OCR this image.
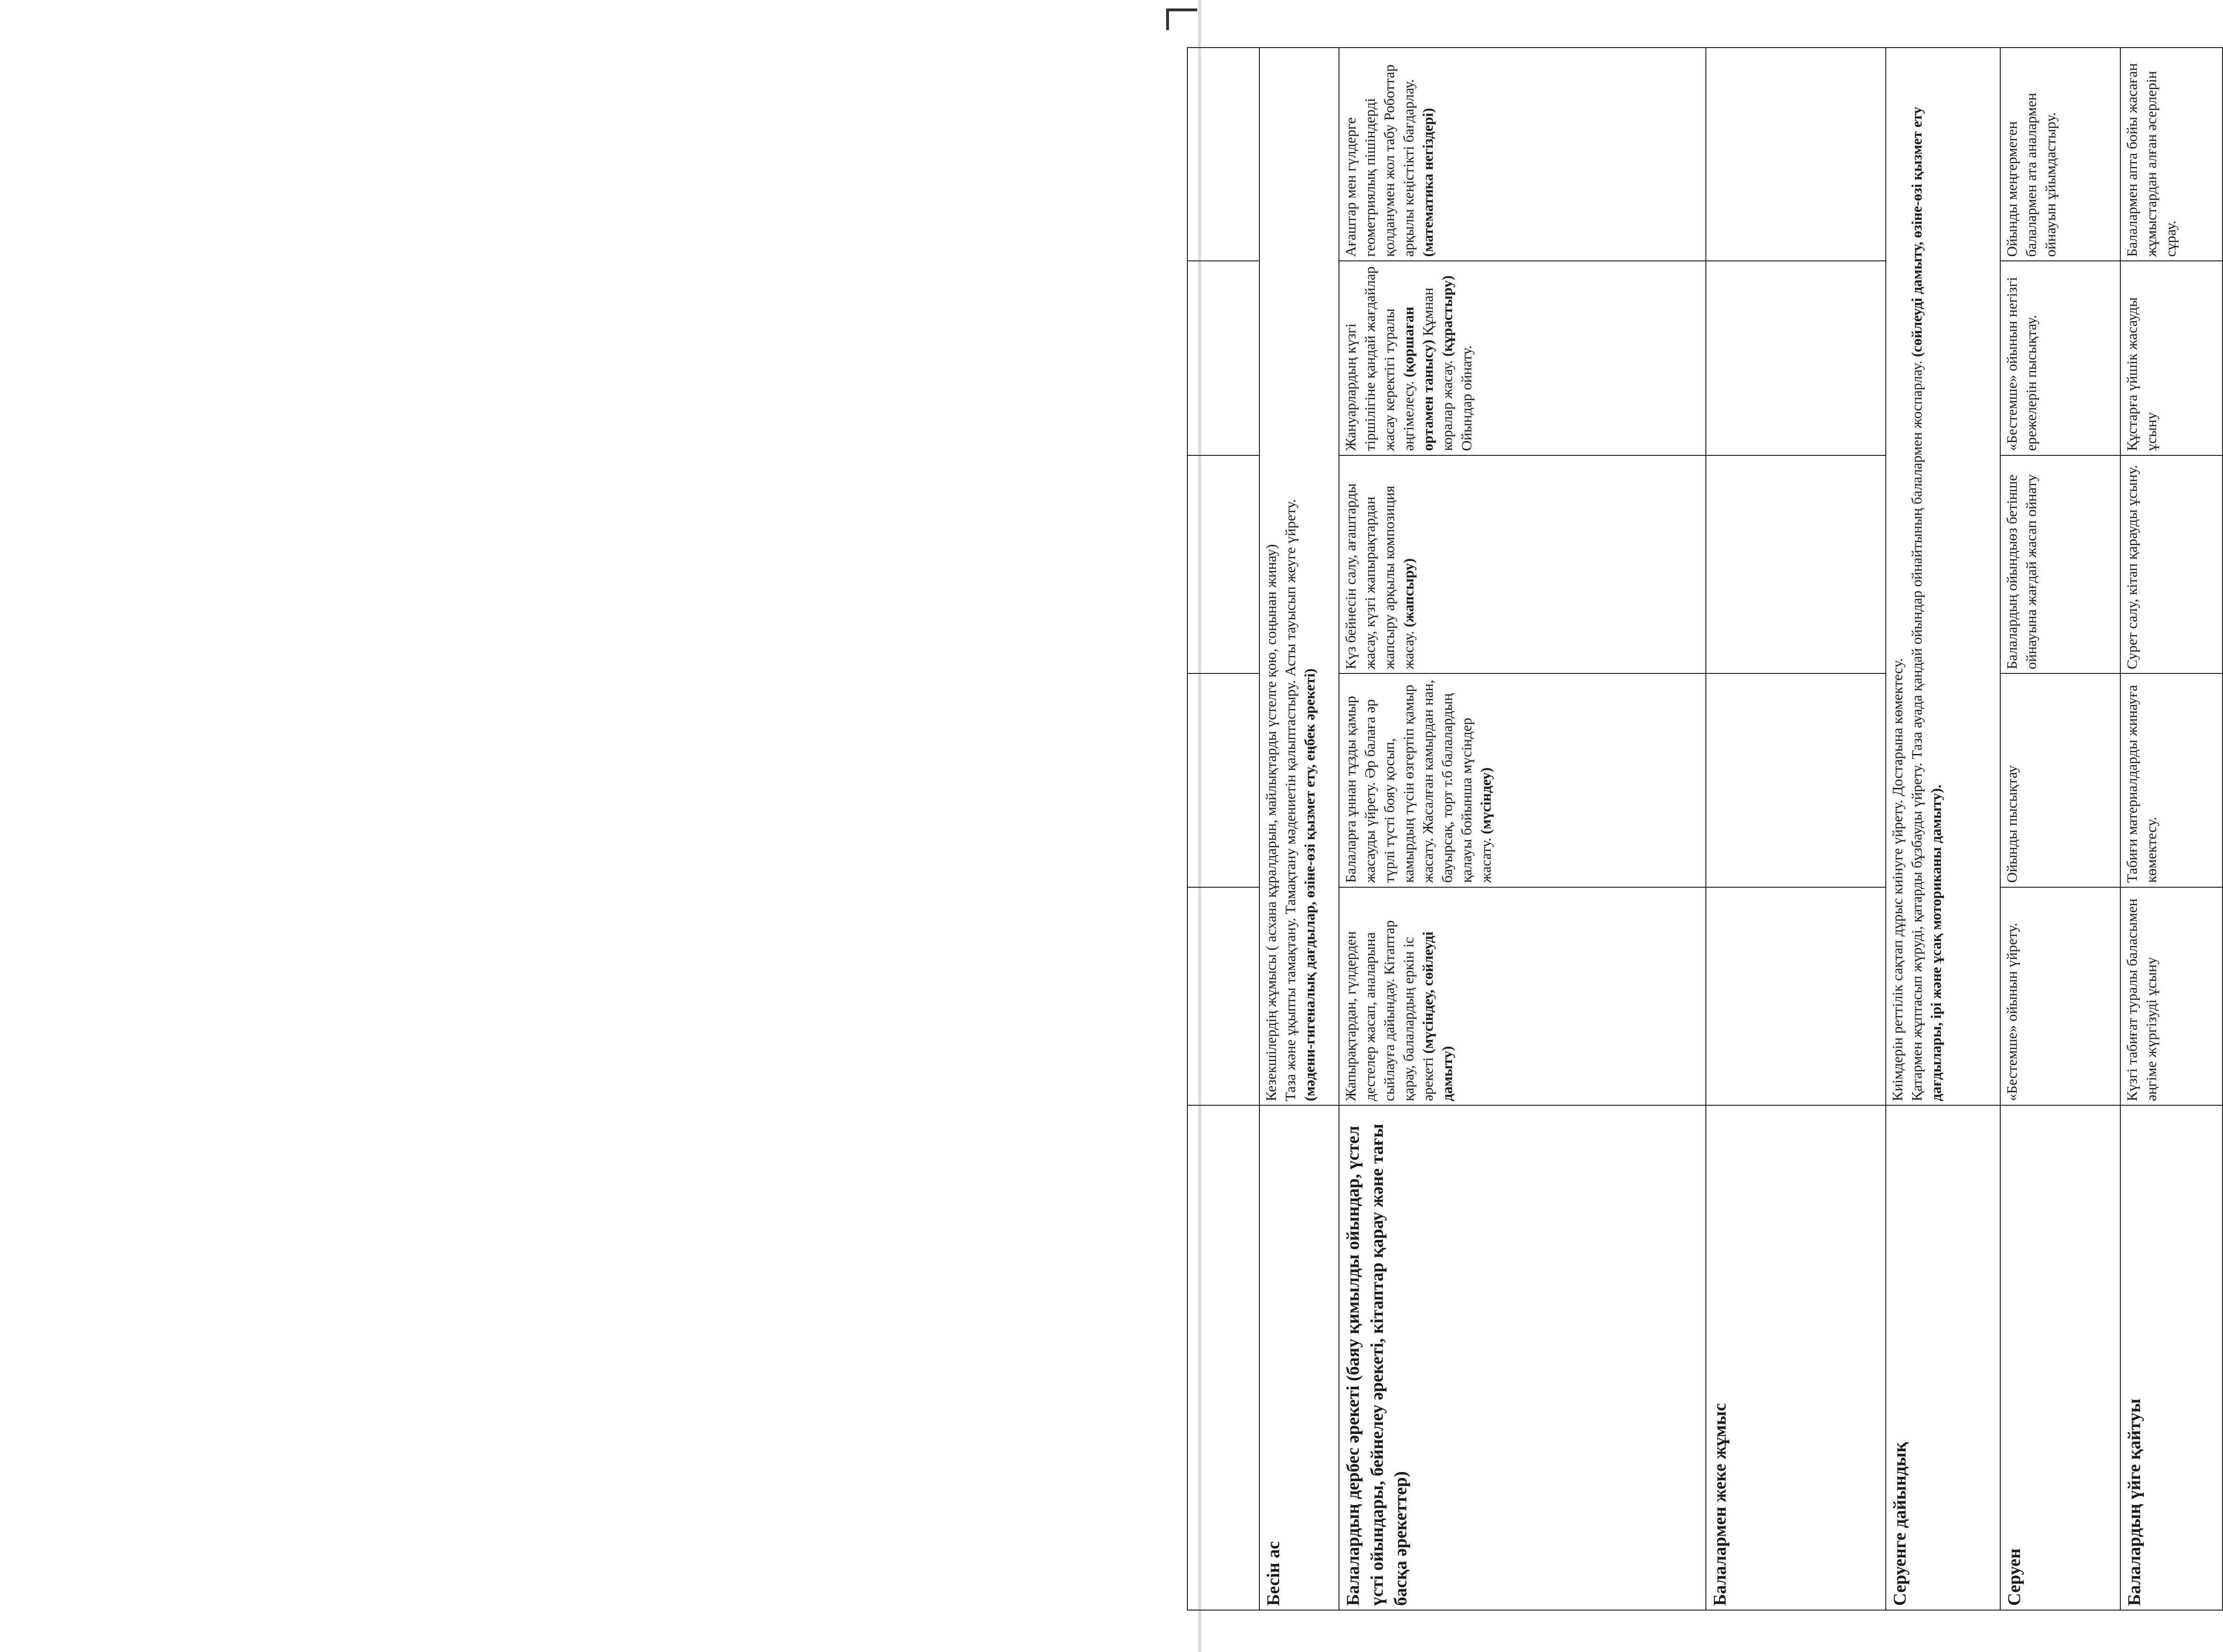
Бесін ас	Кезекшілердің жұмысы ( асхана құралдарын, майлықтарды үстелге қою, соңынан жинау) Таза және ұқыпты тамақтану. Тамақтану мәдениетін қалыптастыру. Асты тауысып жеуге үйрету. (мәдени-гигеналық дағдылар, өзіне-өзі қызмет ету, еңбек әрекеті)				

Балалардың дербес әрекеті (баяу қимылды ойындар, үстел үсті ойындары, бейнелеу әрекеті, кітаптар қарау және тағы басқа әрекеттер)	Жапырақтардан, гүлдерден дестелер жасап, аналарына сыйлауға дайындау. Кітаптар қарау, балалардың еркін іс әрекеті (мүсіндеу, сөйлеуді дамыту)	Балаларға ұннан тұзды қамыр жасауды үйрету. Әр балаға әр түрлі түсті бояу қосып, камырдың түсін өзгертіп қамыр жасату. Жасалған камырдан нан, бауырсақ, торт т.б балалардың қалауы бойынша мүсіндер жасату. (мүсіндеу)	Күз бейнесін салу, ағаштарды жасау, күзгі жапырақтардан жапсыру арқылы композиция жасау. (жапсыру)	Жануарлардың күзгі тіршілігіне қандай жағдайлар жасау керектігі туралы әңгімелесу. (қоршаған ортамен танысу) Құмнан коралар жасау. (құрастыру) Ойындар ойнату.	Ағаштар мен гүлдерге геометриялық пішіндерді қолданумен жол табу Роботтар арқылы кеңістікті бағдарлау. (математика негіздері)
Балалармен жеке жұмыс					
Серуенге дайындық	Киімдерін реттілік сақтап дұрыс киінуге үйрету. Достарына көмектесу. Қатармен жұптасып жүруді, қатарды бұзбауды үйрету. Таза ауада қандай ойындар ойнайтының балалармен жоспарлау. (сөйлеуді дамыту, өзіне-өзі қызмет ету дағдылары, ірі және ұсақ моториканы дамыту).				
Серуен	«Бестемше» ойынын үйрету.	Ойынды пысықтау	Балалардың ойындыөз бетінше ойнауына жағдай жасап ойнату	«Бестемше» ойынын негізгі ережелерін пысықтау.	Ойынды меңгермеген балалармен ата аналармен ойнауын ұйымдастыру.
Балалардың үйге қайтуы	Күзгі табиғат туралы баласымен әңгіме жүргізуді ұсыну	Табиғи материалдарды жинауға көмектесу.	Сурет салу, кітап қарауды ұсыну.	Құстарға үйшік жасауды ұсыну	Балалармен апта бойы жасаған жұмыстардан алған әсерлерін сұрау.
